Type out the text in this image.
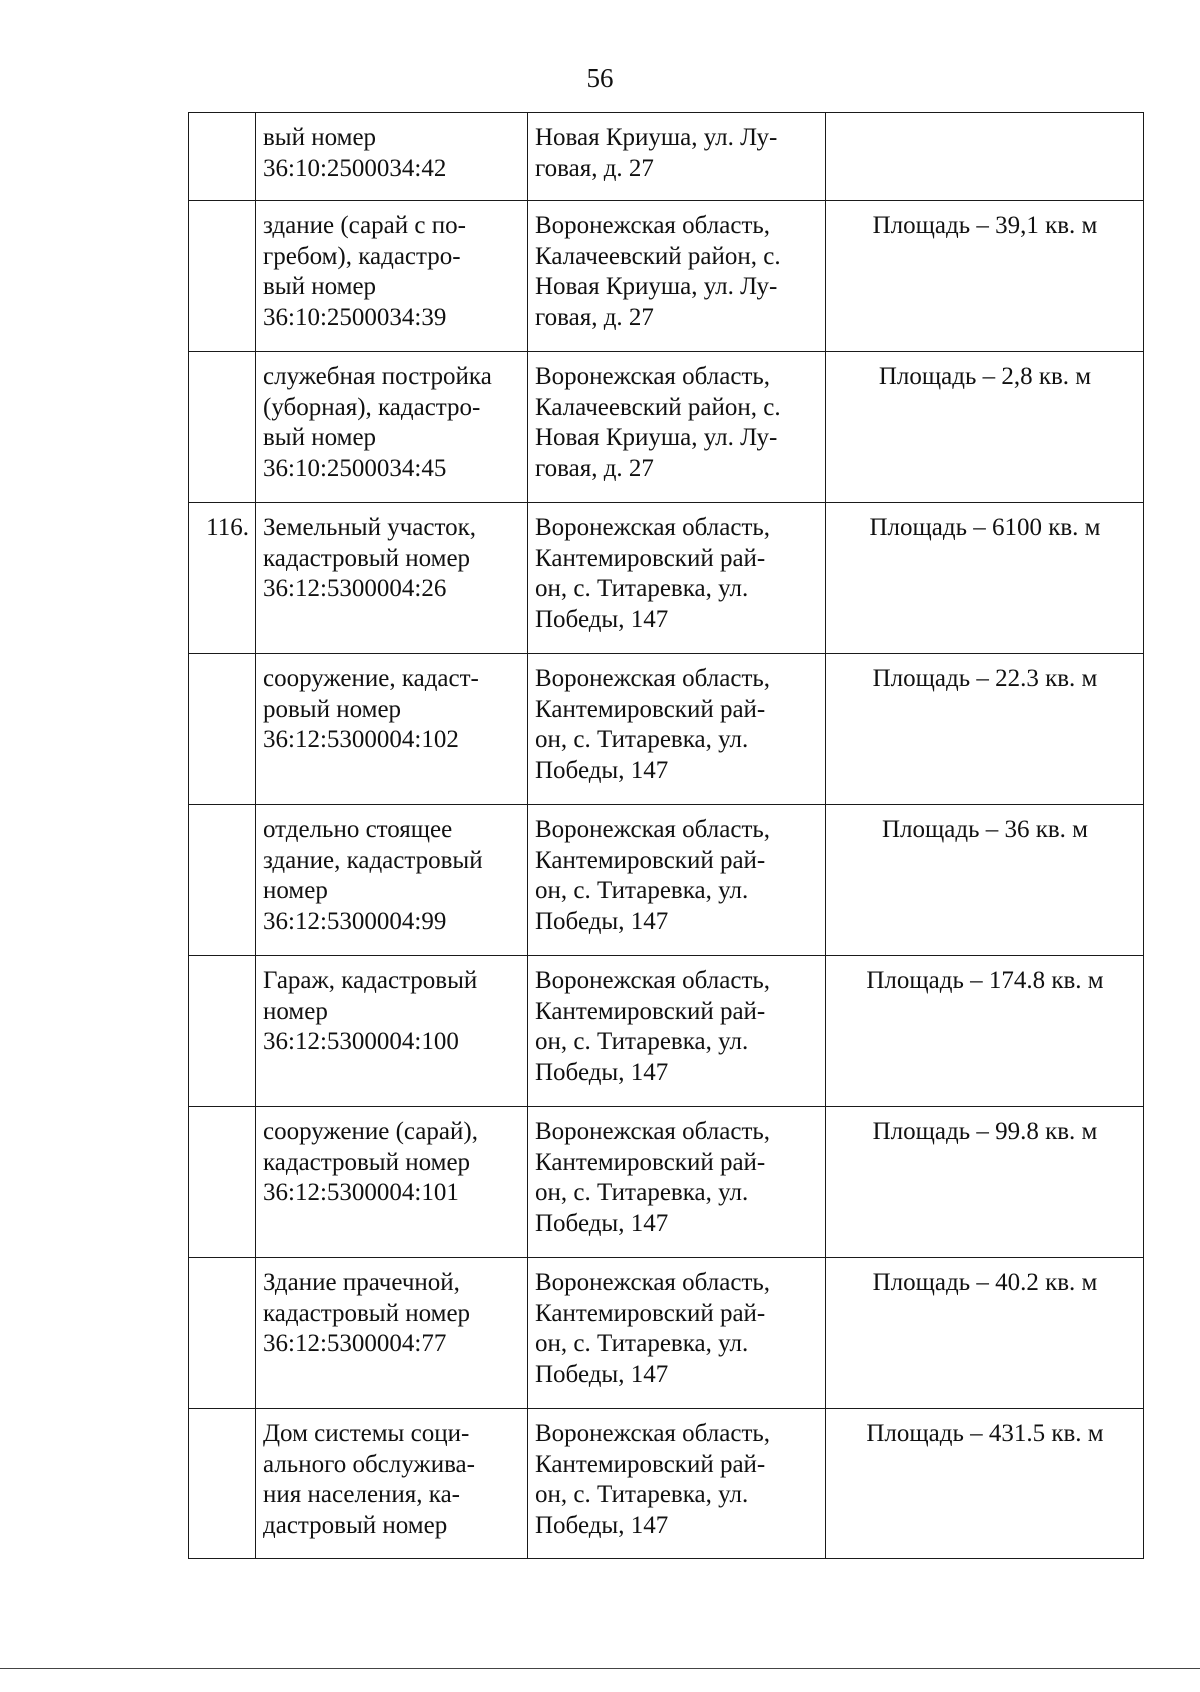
56

	вый номер
36:10:2500034:42	Новая Криуша, ул. Лу-
говая, д. 27	

	здание (сарай с по-
гребом), кадастро-
вый номер
36:10:2500034:39	Воронежская область,
Калачеевский район, с.
Новая Криуша, ул. Лу-
говая, д. 27	Площадь – 39,1 кв. м

	служебная постройка
(уборная), кадастро-
вый номер
36:10:2500034:45	Воронежская область,
Калачеевский район, с.
Новая Криуша, ул. Лу-
говая, д. 27	Площадь – 2,8 кв. м
116.	Земельный участок,
кадастровый номер
36:12:5300004:26	Воронежская область,
Кантемировский рай-
он, с. Титаревка, ул.
Победы, 147	Площадь – 6100 кв. м

	сооружение, кадаст-
ровый номер
36:12:5300004:102	Воронежская область,
Кантемировский рай-
он, с. Титаревка, ул.
Победы, 147	Площадь – 22.3 кв. м

	отдельно стоящее
здание, кадастровый
номер
36:12:5300004:99	Воронежская область,
Кантемировский рай-
он, с. Титаревка, ул.
Победы, 147	Площадь – 36 кв. м

	Гараж, кадастровый
номер
36:12:5300004:100	Воронежская область,
Кантемировский рай-
он, с. Титаревка, ул.
Победы, 147	Площадь – 174.8 кв. м

	сооружение (сарай),
кадастровый номер
36:12:5300004:101	Воронежская область,
Кантемировский рай-
он, с. Титаревка, ул.
Победы, 147	Площадь – 99.8 кв. м

	Здание прачечной,
кадастровый номер
36:12:5300004:77	Воронежская область,
Кантемировский рай-
он, с. Титаревка, ул.
Победы, 147	Площадь – 40.2 кв. м

	Дом системы соци-
ального обслужива-
ния населения, ка-
дастровый номер	Воронежская область,
Кантемировский рай-
он, с. Титаревка, ул.
Победы, 147	Площадь – 431.5 кв. м
